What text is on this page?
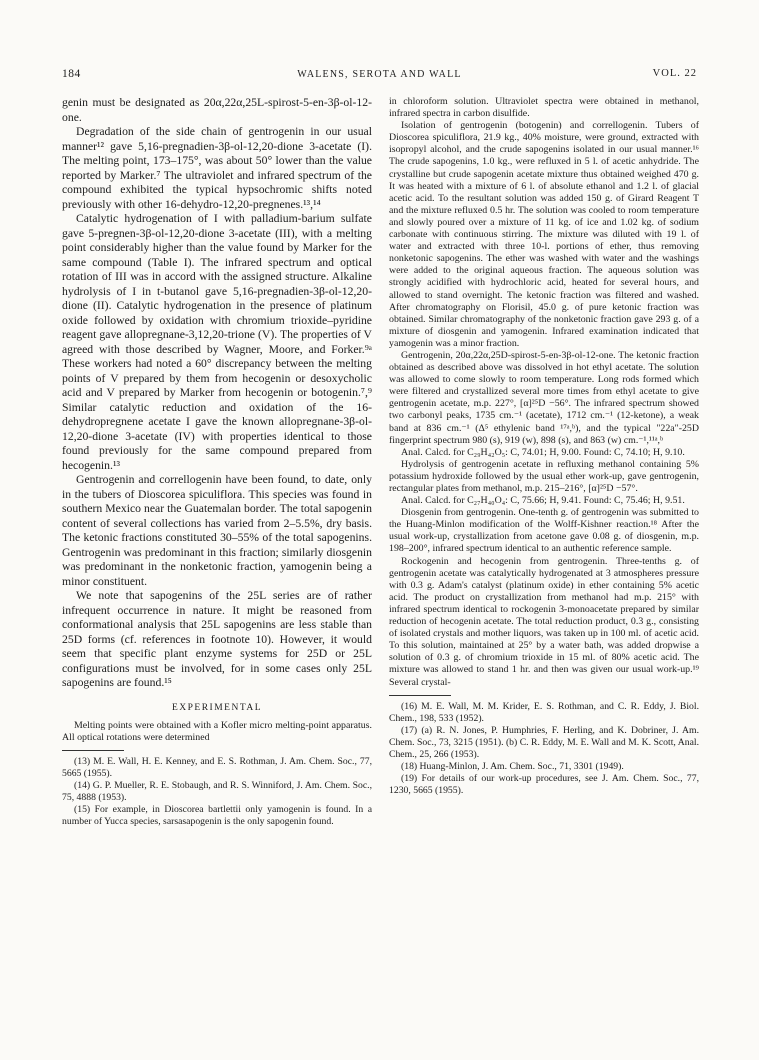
184	WALENS, SEROTA AND WALL	VOL. 22

genin must be designated as 20α,22α,25L-spirost-5-en-3β-ol-12-one.

Degradation of the side chain of gentrogenin in our usual manner¹² gave 5,16-pregnadien-3β-ol-12,20-dione 3-acetate (I). The melting point, 173–175°, was about 50° lower than the value reported by Marker.⁷ The ultraviolet and infrared spectrum of the compound exhibited the typical hypsochromic shifts noted previously with other 16-dehydro-12,20-pregnenes.¹³,¹⁴

Catalytic hydrogenation of I with palladium-barium sulfate gave 5-pregnen-3β-ol-12,20-dione 3-acetate (III), with a melting point considerably higher than the value found by Marker for the same compound (Table I). The infrared spectrum and optical rotation of III was in accord with the assigned structure. Alkaline hydrolysis of I in t-butanol gave 5,16-pregnadien-3β-ol-12,20-dione (II). Catalytic hydrogenation in the presence of platinum oxide followed by oxidation with chromium trioxide–pyridine reagent gave allopregnane-3,12,20-trione (V). The properties of V agreed with those described by Wagner, Moore, and Forker.⁹ᵃ These workers had noted a 60° discrepancy between the melting points of V prepared by them from hecogenin or desoxycholic acid and V prepared by Marker from hecogenin or botogenin.⁷,⁹ Similar catalytic reduction and oxidation of the 16-dehydropregnene acetate I gave the known allopregnane-3β-ol-12,20-dione 3-acetate (IV) with properties identical to those found previously for the same compound prepared from hecogenin.¹³

Gentrogenin and correllogenin have been found, to date, only in the tubers of Dioscorea spiculiflora. This species was found in southern Mexico near the Guatemalan border. The total sapogenin content of several collections has varied from 2–5.5%, dry basis. The ketonic fractions constituted 30–55% of the total sapogenins. Gentrogenin was predominant in this fraction; similarly diosgenin was predominant in the nonketonic fraction, yamogenin being a minor constituent.

We note that sapogenins of the 25L series are of rather infrequent occurrence in nature. It might be reasoned from conformational analysis that 25L sapogenins are less stable than 25D forms (cf. references in footnote 10). However, it would seem that specific plant enzyme systems for 25D or 25L configurations must be involved, for in some cases only 25L sapogenins are found.¹⁵

EXPERIMENTAL

Melting points were obtained with a Kofler micro melting-point apparatus. All optical rotations were determined

(13) M. E. Wall, H. E. Kenney, and E. S. Rothman, J. Am. Chem. Soc., 77, 5665 (1955).

(14) G. P. Mueller, R. E. Stobaugh, and R. S. Winniford, J. Am. Chem. Soc., 75, 4888 (1953).

(15) For example, in Dioscorea bartlettii only yamogenin is found. In a number of Yucca species, sarsasapogenin is the only sapogenin found.

in chloroform solution. Ultraviolet spectra were obtained in methanol, infrared spectra in carbon disulfide.

Isolation of gentrogenin (botogenin) and correllogenin. Tubers of Dioscorea spiculiflora, 21.9 kg., 40% moisture, were ground, extracted with isopropyl alcohol, and the crude sapogenins isolated in our usual manner.¹⁶ The crude sapogenins, 1.0 kg., were refluxed in 5 l. of acetic anhydride. The crystalline but crude sapogenin acetate mixture thus obtained weighed 470 g. It was heated with a mixture of 6 l. of absolute ethanol and 1.2 l. of glacial acetic acid. To the resultant solution was added 150 g. of Girard Reagent T and the mixture refluxed 0.5 hr. The solution was cooled to room temperature and slowly poured over a mixture of 11 kg. of ice and 1.02 kg. of sodium carbonate with continuous stirring. The mixture was diluted with 19 l. of water and extracted with three 10-l. portions of ether, thus removing nonketonic sapogenins. The ether was washed with water and the washings were added to the original aqueous fraction. The aqueous solution was strongly acidified with hydrochloric acid, heated for several hours, and allowed to stand overnight. The ketonic fraction was filtered and washed. After chromatography on Florisil, 45.0 g. of pure ketonic fraction was obtained. Similar chromatography of the nonketonic fraction gave 293 g. of a mixture of diosgenin and yamogenin. Infrared examination indicated that yamogenin was a minor fraction.

Gentrogenin, 20α,22α,25D-spirost-5-en-3β-ol-12-one. The ketonic fraction obtained as described above was dissolved in hot ethyl acetate. The solution was allowed to come slowly to room temperature. Long rods formed which were filtered and crystallized several more times from ethyl acetate to give gentrogenin acetate, m.p. 227°, [α]²⁵D −56°. The infrared spectrum showed two carbonyl peaks, 1735 cm.⁻¹ (acetate), 1712 cm.⁻¹ (12-ketone), a weak band at 836 cm.⁻¹ (Δ⁵ ethylenic band ¹⁷ᵃ,ᵇ), and the typical "22a"-25D fingerprint spectrum 980 (s), 919 (w), 898 (s), and 863 (w) cm.⁻¹,¹¹ᵃ,ᵇ

Anal. Calcd. for C₂₉H₄₂O₅: C, 74.01; H, 9.00. Found: C, 74.10; H, 9.10.

Hydrolysis of gentrogenin acetate in refluxing methanol containing 5% potassium hydroxide followed by the usual ether work-up, gave gentrogenin, rectangular plates from methanol, m.p. 215–216°, [α]²⁵D −57°.

Anal. Calcd. for C₂₇H₄₀O₄: C, 75.66; H, 9.41. Found: C, 75.46; H, 9.51.

Diosgenin from gentrogenin. One-tenth g. of gentrogenin was submitted to the Huang-Minlon modification of the Wolff-Kishner reaction.¹⁸ After the usual work-up, crystallization from acetone gave 0.08 g. of diosgenin, m.p. 198–200°, infrared spectrum identical to an authentic reference sample.

Rockogenin and hecogenin from gentrogenin. Three-tenths g. of gentrogenin acetate was catalytically hydrogenated at 3 atmospheres pressure with 0.3 g. Adam's catalyst (platinum oxide) in ether containing 5% acetic acid. The product on crystallization from methanol had m.p. 215° with infrared spectrum identical to rockogenin 3-monoacetate prepared by similar reduction of hecogenin acetate. The total reduction product, 0.3 g., consisting of isolated crystals and mother liquors, was taken up in 100 ml. of acetic acid. To this solution, maintained at 25° by a water bath, was added dropwise a solution of 0.3 g. of chromium trioxide in 15 ml. of 80% acetic acid. The mixture was allowed to stand 1 hr. and then was given our usual work-up.¹⁹ Several crystal-

(16) M. E. Wall, M. M. Krider, E. S. Rothman, and C. R. Eddy, J. Biol. Chem., 198, 533 (1952).

(17) (a) R. N. Jones, P. Humphries, F. Herling, and K. Dobriner, J. Am. Chem. Soc., 73, 3215 (1951). (b) C. R. Eddy, M. E. Wall and M. K. Scott, Anal. Chem., 25, 266 (1953).

(18) Huang-Minlon, J. Am. Chem. Soc., 71, 3301 (1949).

(19) For details of our work-up procedures, see J. Am. Chem. Soc., 77, 1230, 5665 (1955).
